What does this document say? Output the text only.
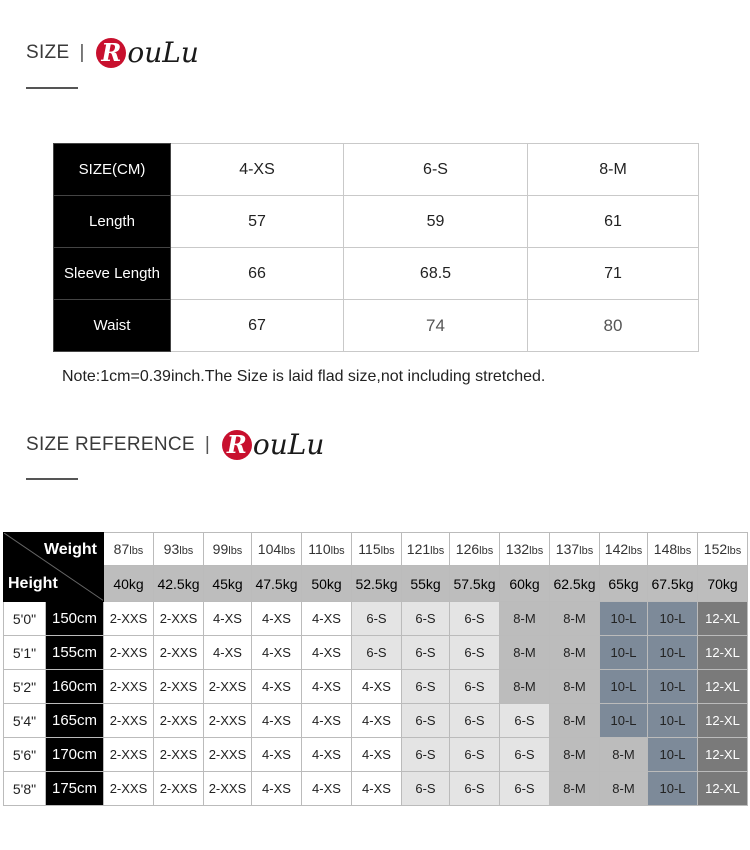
SIZE | R ouLu
SIZE(CM)	4-XS	6-S	8-M
Length	57	59	61
Sleeve Length	66	68.5	71
Waist	67	74	80
Note:1cm=0.39inch.The Size is laid flad size,not including stretched.
SIZE REFERENCE | R ouLu
Weight
Height		87lbs	93lbs	99lbs	104lbs	110lbs	115lbs	121lbs	126lbs	132lbs	137lbs	142lbs	148lbs	152lbs
		40kg	42.5kg	45kg	47.5kg	50kg	52.5kg	55kg	57.5kg	60kg	62.5kg	65kg	67.5kg	70kg
5'0"	150cm	2-XXS	2-XXS	4-XS	4-XS	4-XS	6-S	6-S	6-S	8-M	8-M	10-L	10-L	12-XL
5'1"	155cm	2-XXS	2-XXS	4-XS	4-XS	4-XS	6-S	6-S	6-S	8-M	8-M	10-L	10-L	12-XL
5'2"	160cm	2-XXS	2-XXS	2-XXS	4-XS	4-XS	4-XS	6-S	6-S	8-M	8-M	10-L	10-L	12-XL
5'4"	165cm	2-XXS	2-XXS	2-XXS	4-XS	4-XS	4-XS	6-S	6-S	6-S	8-M	10-L	10-L	12-XL
5'6"	170cm	2-XXS	2-XXS	2-XXS	4-XS	4-XS	4-XS	6-S	6-S	6-S	8-M	8-M	10-L	12-XL
5'8"	175cm	2-XXS	2-XXS	2-XXS	4-XS	4-XS	4-XS	6-S	6-S	6-S	8-M	8-M	10-L	12-XL
